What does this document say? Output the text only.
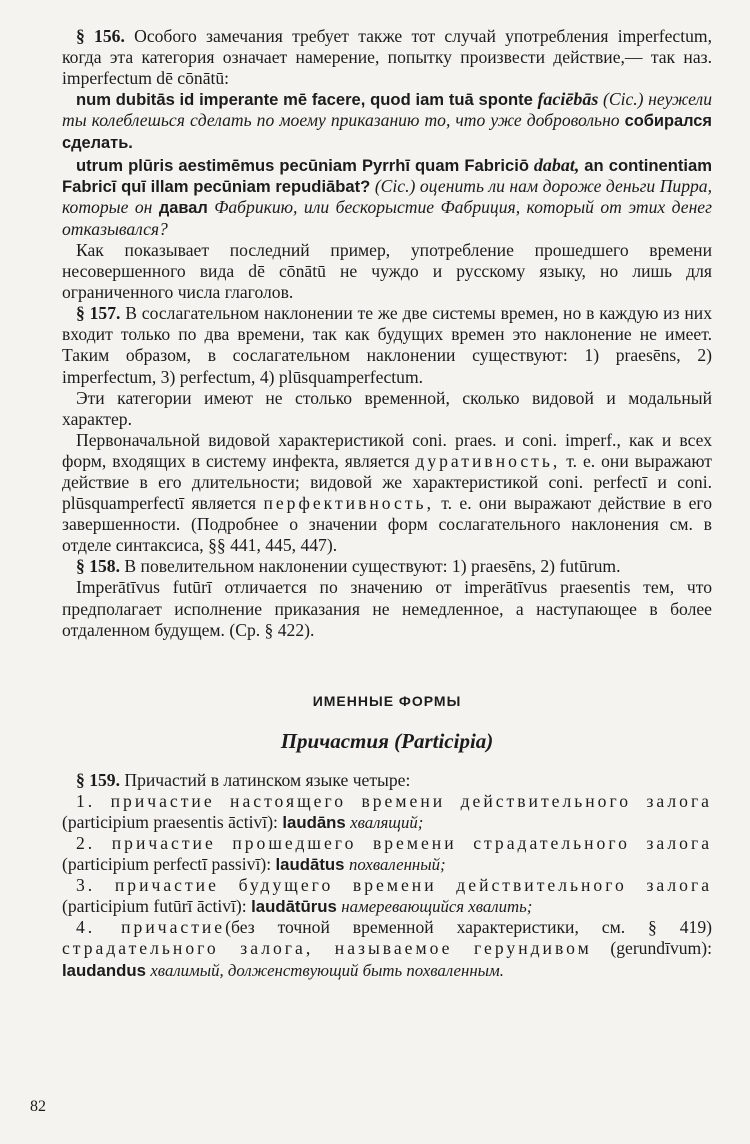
§ 156. Особого замечания требует также тот случай употребления imperfectum, когда эта категория означает намерение, попытку произвести действие,— так наз. imperfectum dē cōnātū:

num dubitās id imperante mē facere, quod iam tuā sponte faciēbās (Cic.) неужели ты колеблешься сделать по моему приказанию то, что уже добровольно собирался сделать.

utrum plūris aestimēmus pecūniam Pyrrhī quam Fabriciō dabat, an continentiam Fabricī quī illam pecūniam repudiābat? (Cic.) оценить ли нам дороже деньги Пирра, которые он давал Фабрикию, или бескорыстие Фабриция, который от этих денег отказывался?

Как показывает последний пример, употребление прошедшего времени несовершенного вида dē cōnātū не чуждо и русскому языку, но лишь для ограниченного числа глаголов.

§ 157. В сослагательном наклонении те же две системы времен, но в каждую из них входит только по два времени, так как будущих времен это наклонение не имеет. Таким образом, в сослагательном наклонении существуют: 1) praesēns, 2) imperfectum, 3) perfectum, 4) plūsquamperfectum.

Эти категории имеют не столько временной, сколько видовой и модальный характер.

Первоначальной видовой характеристикой coni. praes. и coni. imperf., как и всех форм, входящих в систему инфекта, является дуративность, т. е. они выражают действие в его длительности; видовой же характеристикой coni. perfectī и coni. plūsquamperfectī является перфективность, т. е. они выражают действие в его завершенности. (Подробнее о значении форм сослагательного наклонения см. в отделе синтаксиса, §§ 441, 445, 447).

§ 158. В повелительном наклонении существуют: 1) praesēns, 2) futūrum.

Imperātīvus futūrī отличается по значению от imperātīvus praesentis тем, что предполагает исполнение приказания не немедленное, а наступающее в более отдаленном будущем. (Ср. § 422).

ИМЕННЫЕ ФОРМЫ
Причастия (Participia)

§ 159. Причастий в латинском языке четыре:

1. причастие настоящего времени действительного залога (participium praesentis āctivī): laudāns хвалящий;

2. причастие прошедшего времени страдательного залога (participium perfectī passivī): laudātus похваленный;

3. причастие будущего времени действительного залога (participium futūrī āctivī): laudātūrus намеревающийся хвалить;

4. причастие(без точной временной характеристики, см. § 419) страдательного залога, называемое герундивом (gerundīvum): laudandus хвалимый, долженствующий быть похваленным.

82
